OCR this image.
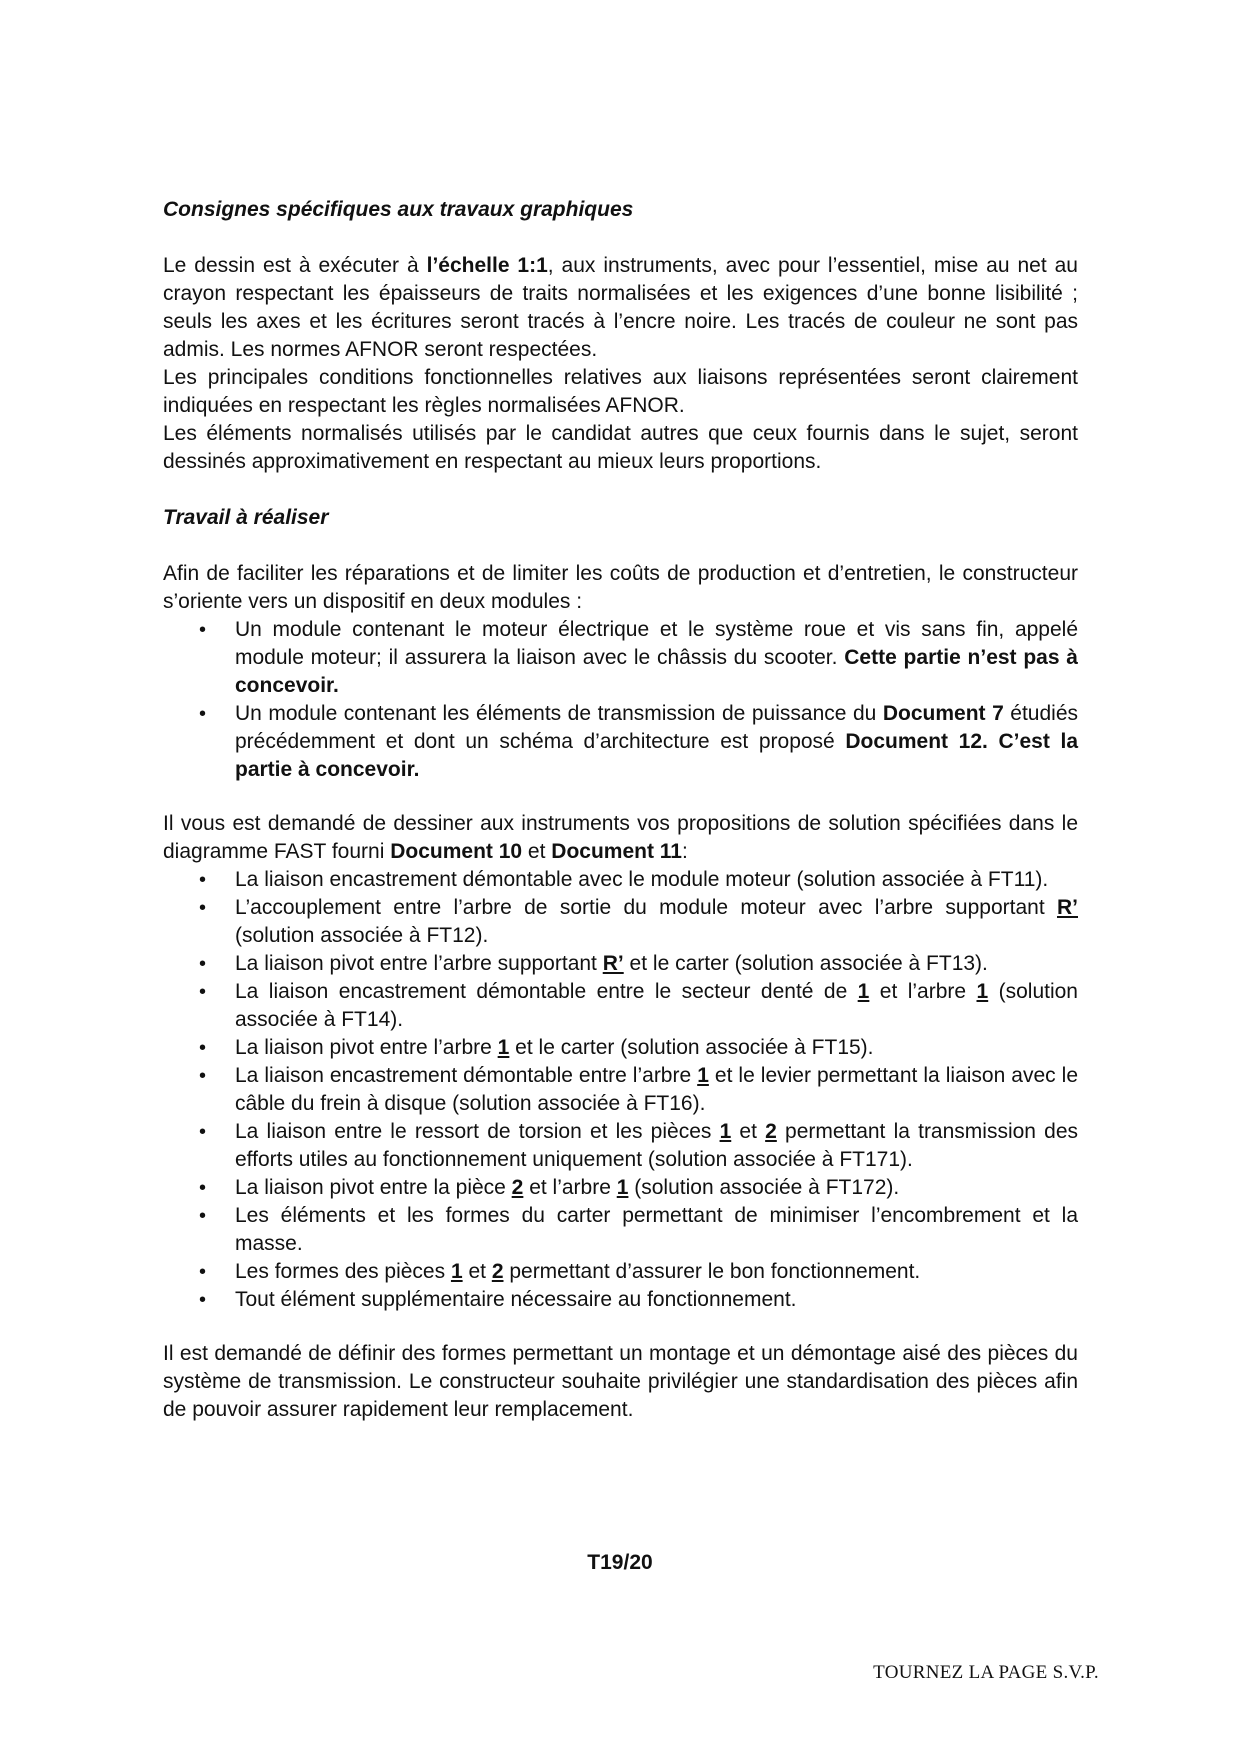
Consignes spécifiques aux travaux graphiques

Le dessin est à exécuter à l’échelle 1:1, aux instruments, avec pour l’essentiel, mise au net au crayon respectant les épaisseurs de traits normalisées et les exigences d’une bonne lisibilité ; seuls les axes et les écritures seront tracés à l’encre noire. Les tracés de couleur ne sont pas admis. Les normes AFNOR seront respectées.

Les principales conditions fonctionnelles relatives aux liaisons représentées seront clairement indiquées en respectant les règles normalisées AFNOR.

Les éléments normalisés utilisés par le candidat autres que ceux fournis dans le sujet, seront dessinés approximativement en respectant au mieux leurs proportions.

Travail à réaliser

Afin de faciliter les réparations et de limiter les coûts de production et d’entretien, le constructeur s’oriente vers un dispositif en deux modules :

• Un module contenant le moteur électrique et le système roue et vis sans fin, appelé module moteur; il assurera la liaison avec le châssis du scooter. Cette partie n’est pas à concevoir.
• Un module contenant les éléments de transmission de puissance du Document 7 étudiés précédemment et dont un schéma d’architecture est proposé Document 12. C’est la partie à concevoir.

Il vous est demandé de dessiner aux instruments vos propositions de solution spécifiées dans le diagramme FAST fourni Document 10 et Document 11:

• La liaison encastrement démontable avec le module moteur (solution associée à FT11).
• L’accouplement entre l’arbre de sortie du module moteur avec l’arbre supportant R’ (solution associée à FT12).
• La liaison pivot entre l’arbre supportant R’ et le carter (solution associée à FT13).
• La liaison encastrement démontable entre le secteur denté de 1 et l’arbre 1 (solution associée à FT14).
• La liaison pivot entre l’arbre 1 et le carter (solution associée à FT15).
• La liaison encastrement démontable entre l’arbre 1 et le levier permettant la liaison avec le câble du frein à disque (solution associée à FT16).
• La liaison entre le ressort de torsion et les pièces 1 et 2 permettant la transmission des efforts utiles au fonctionnement uniquement (solution associée à FT171).
• La liaison pivot entre la pièce 2 et l’arbre 1 (solution associée à FT172).
• Les éléments et les formes du carter permettant de minimiser l’encombrement et la masse.
• Les formes des pièces 1 et 2 permettant d’assurer le bon fonctionnement.
• Tout élément supplémentaire nécessaire au fonctionnement.

Il est demandé de définir des formes permettant un montage et un démontage aisé des pièces du système de transmission. Le constructeur souhaite privilégier une standardisation des pièces afin de pouvoir assurer rapidement leur remplacement.

T19/20
TOURNEZ LA PAGE S.V.P.
